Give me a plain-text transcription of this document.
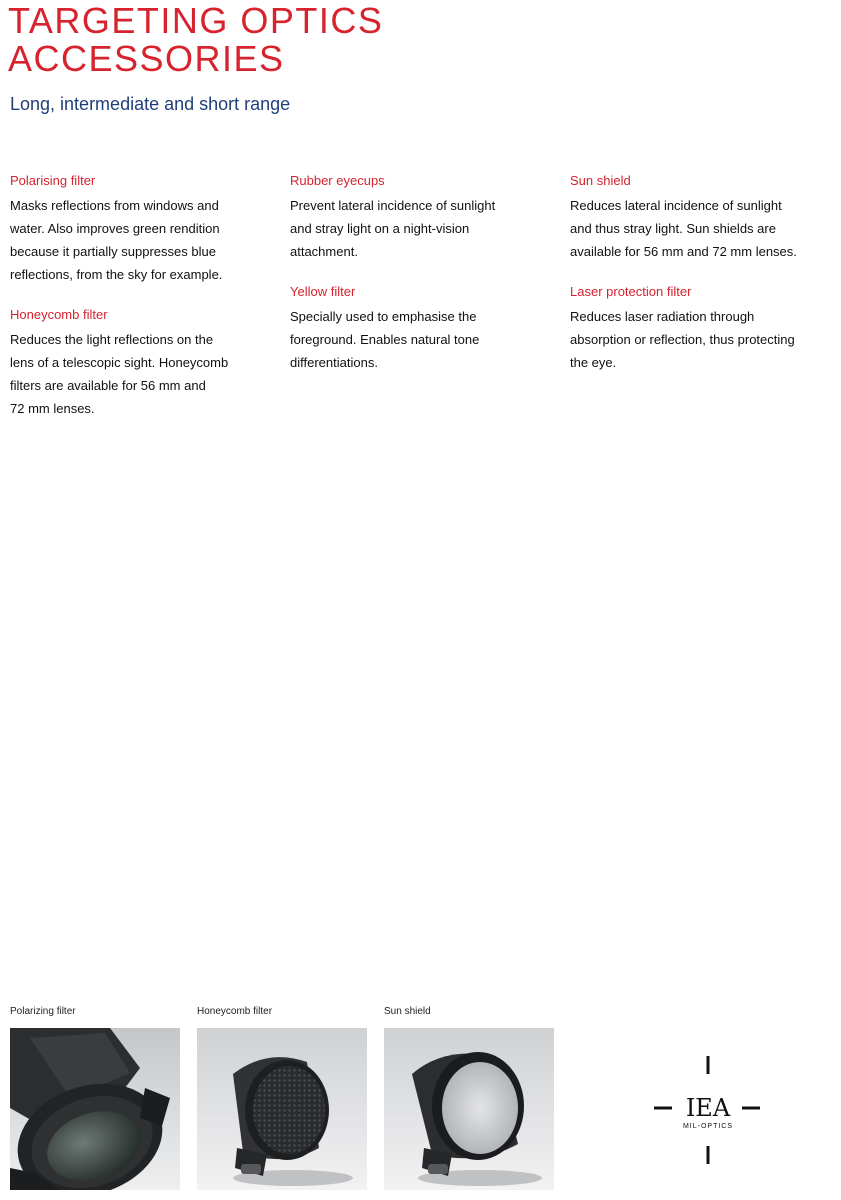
TARGETING OPTICS
ACCESSORIES
Long, intermediate and short range
Polarising filter

Masks reflections from windows and
water. Also improves green rendition
because it partially suppresses blue
reflections, from the sky for example.

Honeycomb filter

Reduces the light reflections on the
lens of a telescopic sight. Honeycomb
filters are available for 56 mm and
72 mm lenses.

Rubber eyecups

Prevent lateral incidence of sunlight
and stray light on a night-vision
attachment.

Yellow filter

Specially used to emphasise the
foreground. Enables natural tone
differentiations.

Sun shield

Reduces lateral incidence of sunlight
and thus stray light. Sun shields are
available for 56 mm and 72 mm lenses.

Laser protection filter

Reduces laser radiation through
absorption or reflection, thus protecting
the eye.

Polarizing filter	Honeycomb filter	Sun shield
IEA
MIL-OPTICS
